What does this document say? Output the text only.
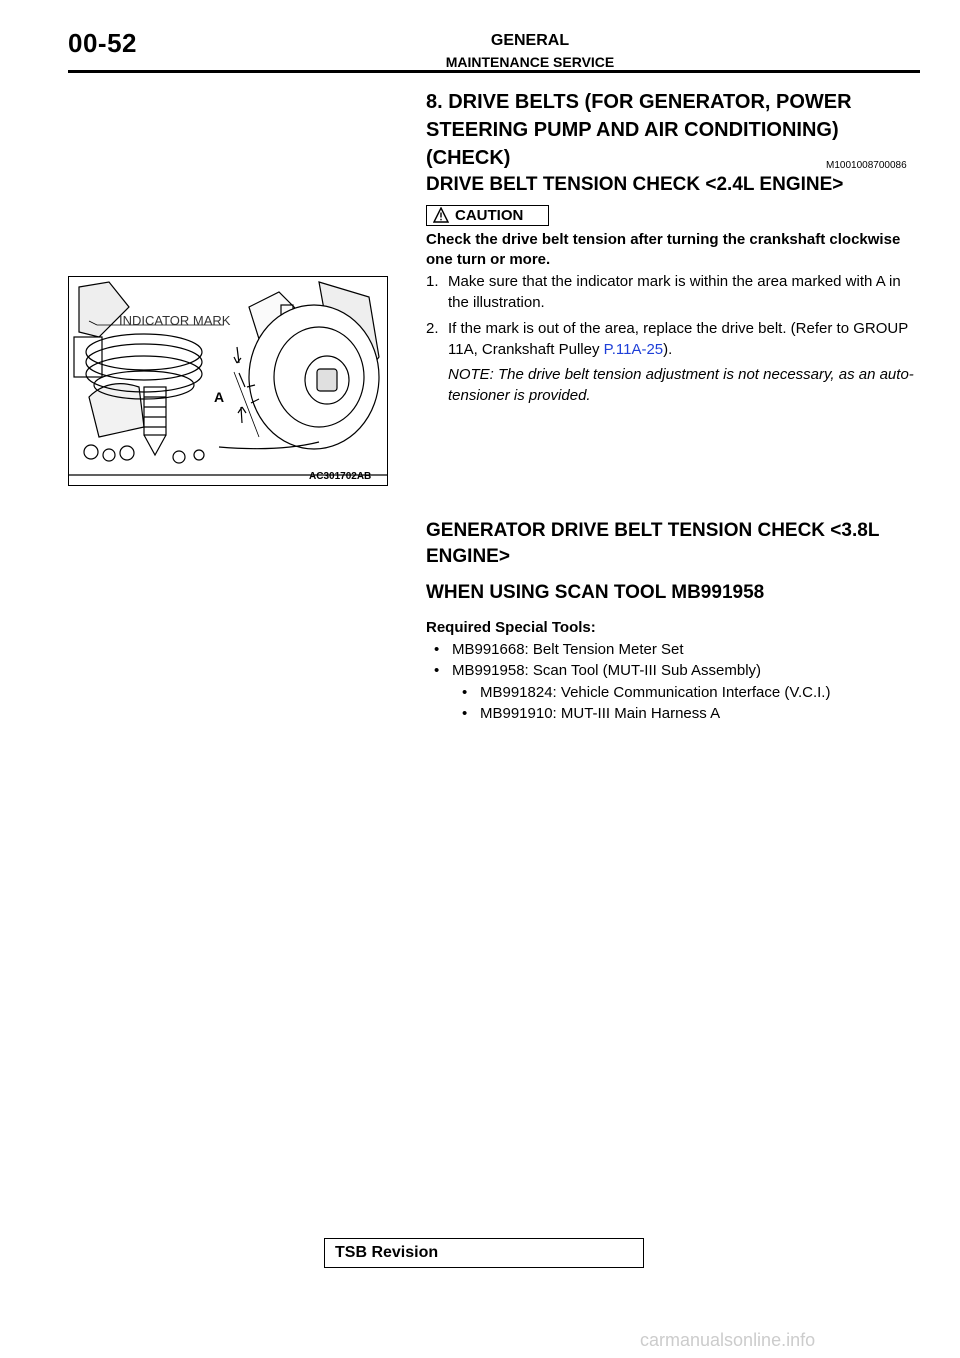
00-52	GENERAL
MAINTENANCE SERVICE
8. DRIVE BELTS (FOR GENERATOR, POWER STEERING PUMP AND AIR CONDITIONING) (CHECK)	M1001008700086
DRIVE BELT TENSION CHECK <2.4L ENGINE>
CAUTION
Check the drive belt tension after turning the crankshaft clockwise one turn or more.
1. Make sure that the indicator mark is within the area marked with A in the illustration.
2. If the mark is out of the area, replace the drive belt. (Refer to GROUP 11A, Crankshaft Pulley P.11A-25).
NOTE: The drive belt tension adjustment is not necessary, as an auto-tensioner is provided.
INDICATOR MARK
A
AC301702AB
GENERATOR DRIVE BELT TENSION CHECK <3.8L ENGINE>
WHEN USING SCAN TOOL MB991958
Required Special Tools:
• MB991668: Belt Tension Meter Set
• MB991958: Scan Tool (MUT-III Sub Assembly)
• MB991824: Vehicle Communication Interface (V.C.I.)
• MB991910: MUT-III Main Harness A
TSB Revision
carmanualsonline.info
